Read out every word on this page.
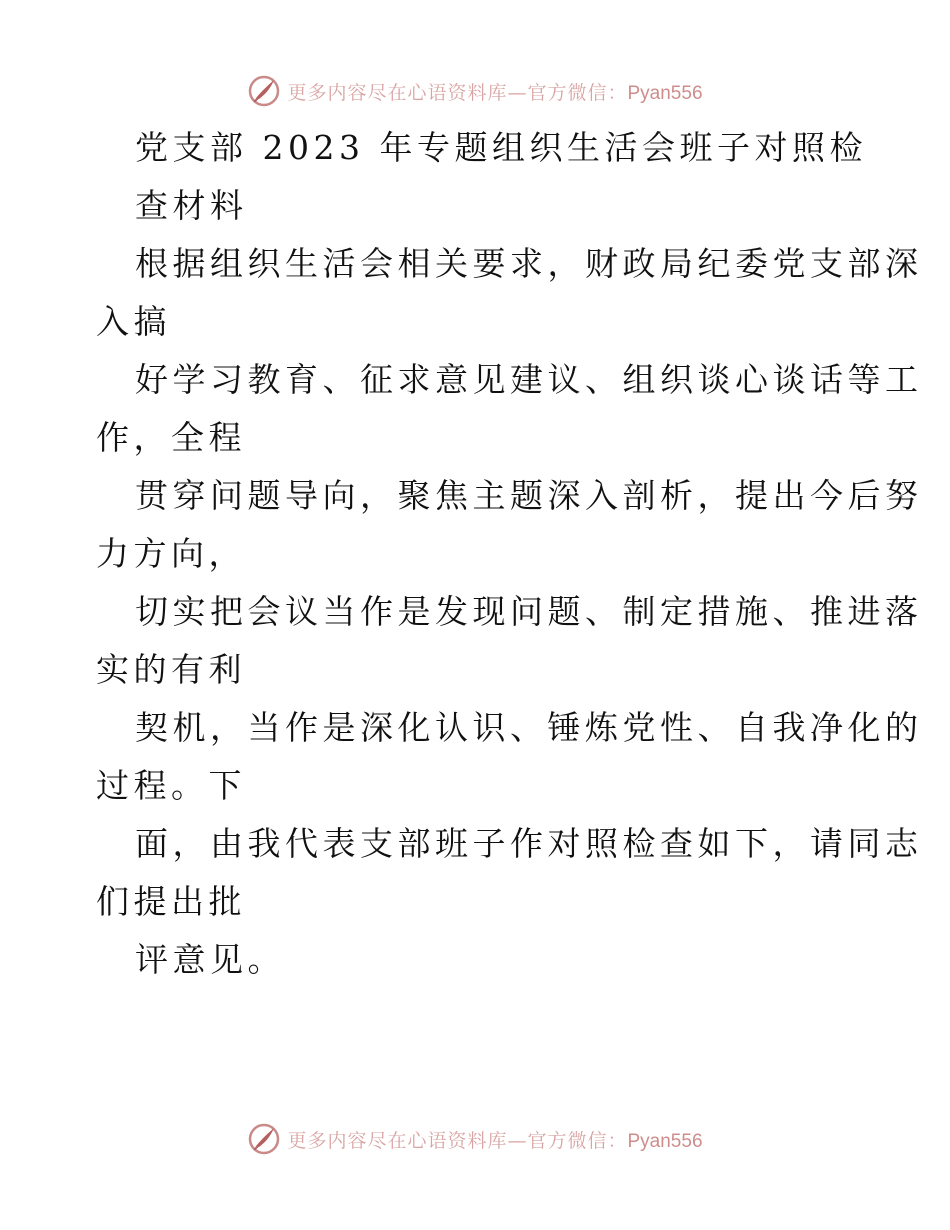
更多内容尽在心语资料库—官方微信：Pyan556
党支部 2023 年专题组织生活会班子对照检
查材料
根据组织生活会相关要求，财政局纪委党支部深
入搞
好学习教育、征求意见建议、组织谈心谈话等工
作，全程
贯穿问题导向，聚焦主题深入剖析，提出今后努
力方向，
切实把会议当作是发现问题、制定措施、推进落
实的有利
契机，当作是深化认识、锤炼党性、自我净化的
过程。下
面，由我代表支部班子作对照检查如下，请同志
们提出批
评意见。
更多内容尽在心语资料库—官方微信：Pyan556
